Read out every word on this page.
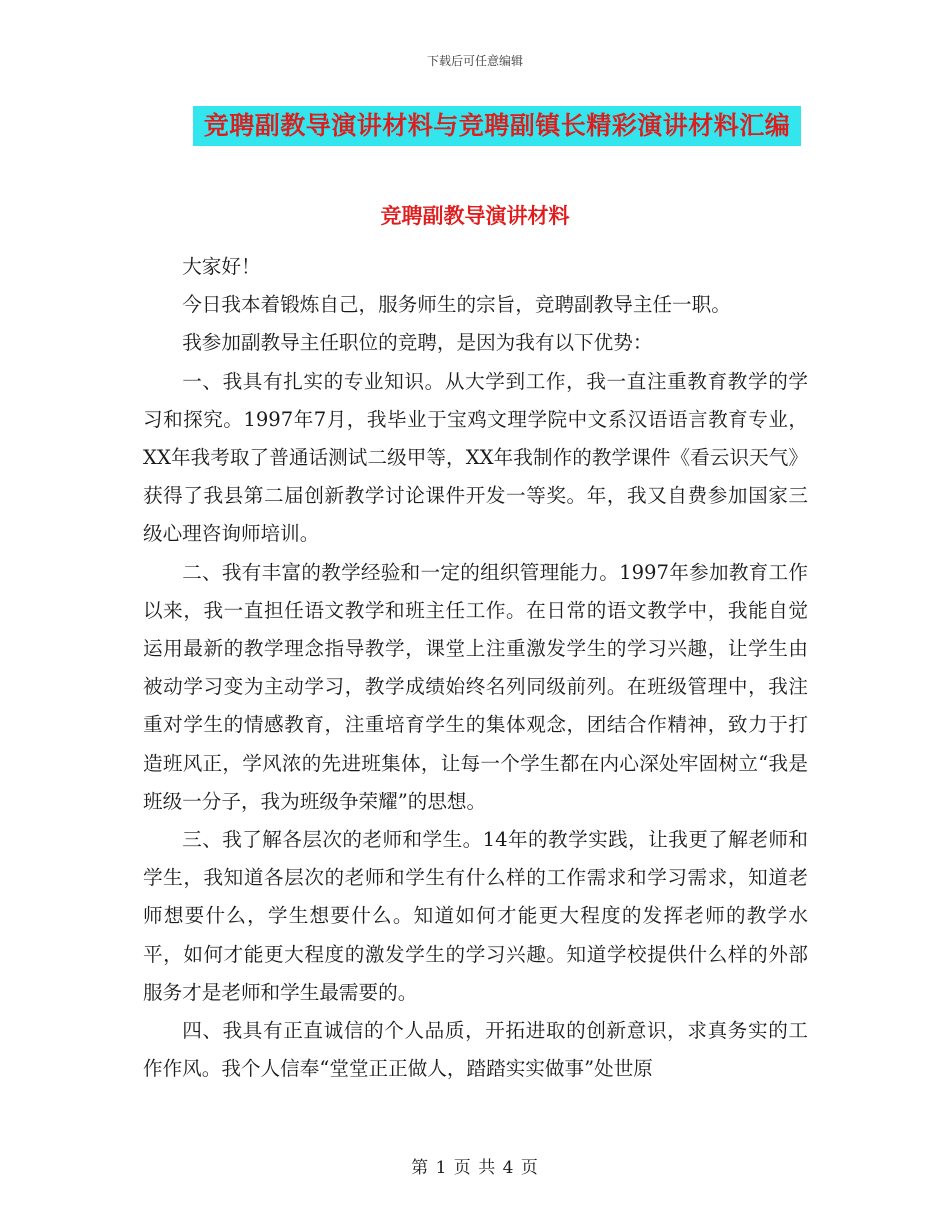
下载后可任意编辑
竞聘副教导演讲材料与竞聘副镇长精彩演讲材料汇编
竞聘副教导演讲材料

大家好！

今日我本着锻炼自己，服务师生的宗旨，竞聘副教导主任一职。

我参加副教导主任职位的竞聘，是因为我有以下优势：

一、我具有扎实的专业知识。从大学到工作，我一直注重教育教学的学习和探究。1997年7月，我毕业于宝鸡文理学院中文系汉语语言教育专业，XX年我考取了普通话测试二级甲等，XX年我制作的教学课件《看云识天气》获得了我县第二届创新教学讨论课件开发一等奖。年，我又自费参加国家三级心理咨询师培训。

二、我有丰富的教学经验和一定的组织管理能力。1997年参加教育工作以来，我一直担任语文教学和班主任工作。在日常的语文教学中，我能自觉运用最新的教学理念指导教学，课堂上注重激发学生的学习兴趣，让学生由被动学习变为主动学习，教学成绩始终名列同级前列。在班级管理中，我注重对学生的情感教育，注重培育学生的集体观念，团结合作精神，致力于打造班风正，学风浓的先进班集体，让每一个学生都在内心深处牢固树立“我是班级一分子，我为班级争荣耀”的思想。

三、我了解各层次的老师和学生。14年的教学实践，让我更了解老师和学生，我知道各层次的老师和学生有什么样的工作需求和学习需求，知道老师想要什么，学生想要什么。知道如何才能更大程度的发挥老师的教学水平，如何才能更大程度的激发学生的学习兴趣。知道学校提供什么样的外部服务才是老师和学生最需要的。

四、我具有正直诚信的个人品质，开拓进取的创新意识，求真务实的工作作风。我个人信奉“堂堂正正做人，踏踏实实做事”处世原

第 1 页 共 4 页
